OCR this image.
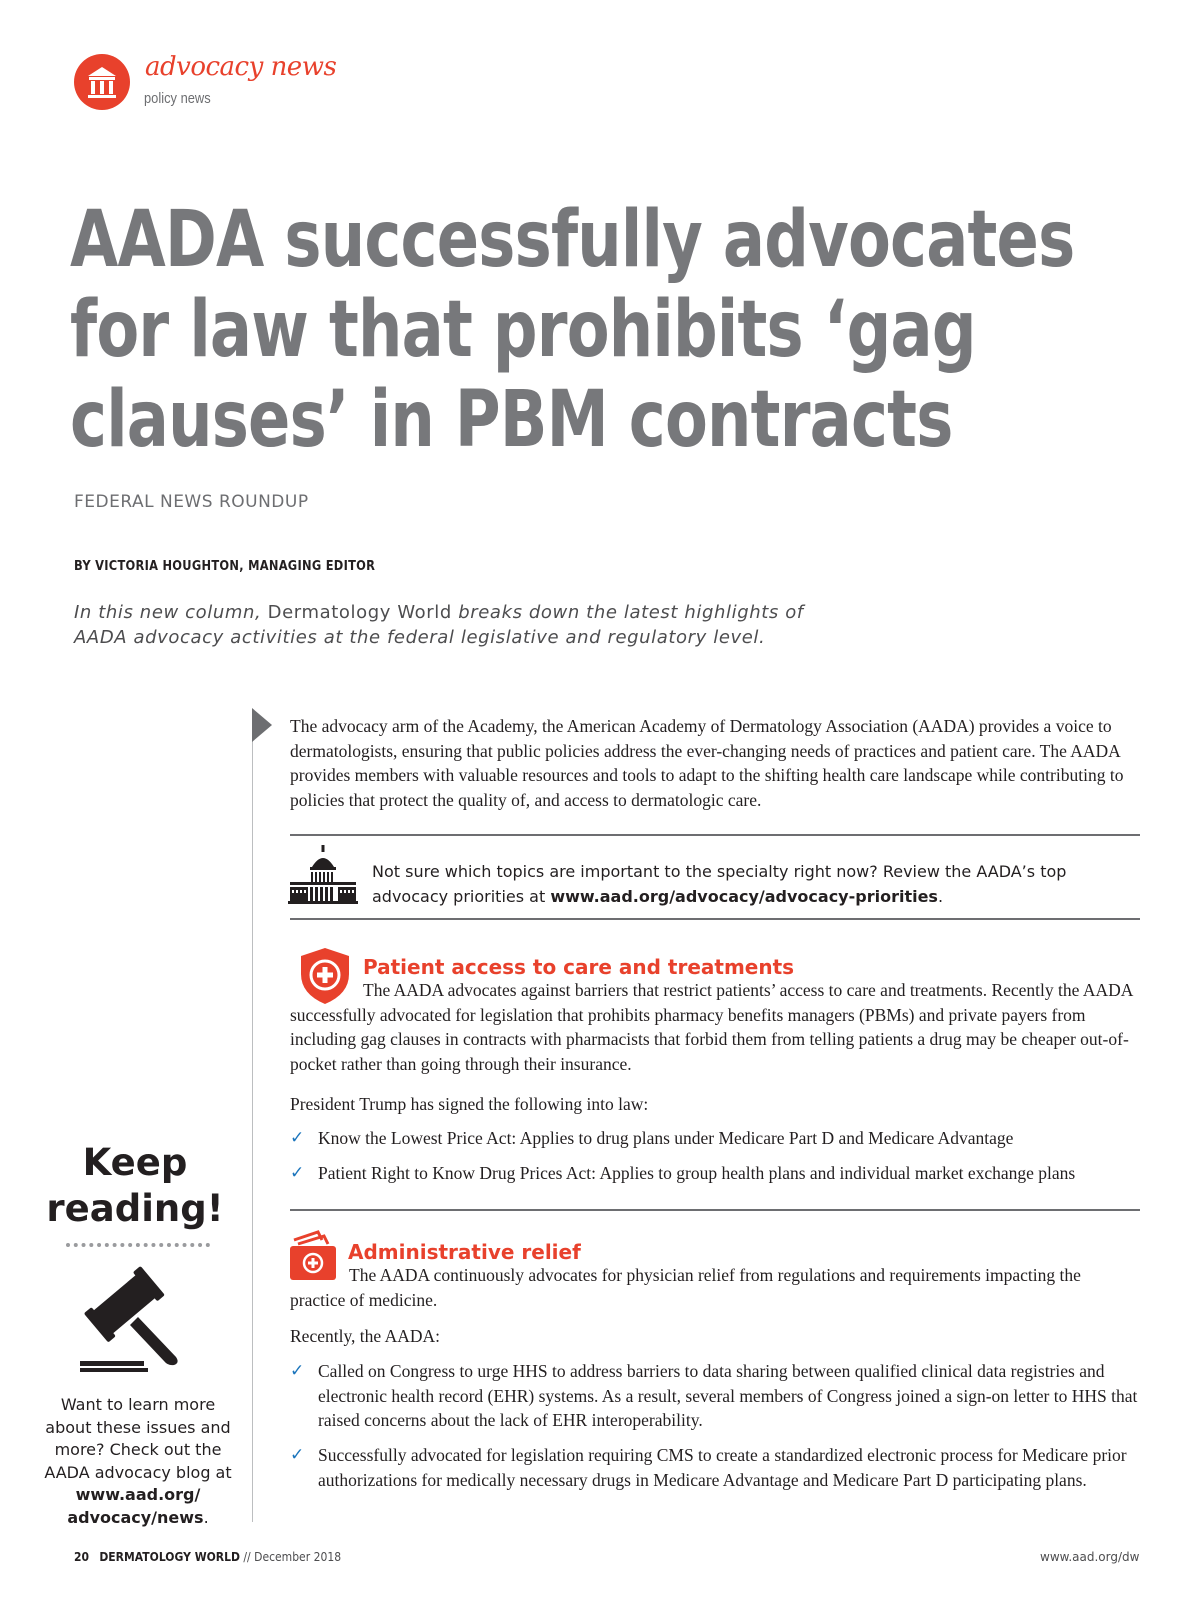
advocacy news
policy news
AADA successfully advocates
for law that prohibits ‘gag
clauses’ in PBM contracts
FEDERAL NEWS ROUNDUP
BY VICTORIA HOUGHTON, MANAGING EDITOR
In this new column, Dermatology World breaks down the latest highlights of AADA advocacy activities at the federal legislative and regulatory level.
Keep
reading!
Want to learn more about these issues and more? Check out the AADA advocacy blog at www.aad.org/ advocacy/news.
The advocacy arm of the Academy, the American Academy of Dermatology Association (AADA) provides a voice to dermatologists, ensuring that public policies address the ever-changing needs of practices and patient care. The AADA provides members with valuable resources and tools to adapt to the shifting health care landscape while contributing to policies that protect the quality of, and access to dermatologic care.
Not sure which topics are important to the specialty right now? Review the AADA’s top advocacy priorities at www.aad.org/advocacy/advocacy-priorities.
Patient access to care and treatments
The AADA advocates against barriers that restrict patients’ access to care and treatments. Recently the AADA successfully advocated for legislation that prohibits pharmacy benefits managers (PBMs) and private payers from including gag clauses in contracts with pharmacists that forbid them from telling patients a drug may be cheaper out-of-pocket rather than going through their insurance.
President Trump has signed the following into law:
✓ Know the Lowest Price Act: Applies to drug plans under Medicare Part D and Medicare Advantage
✓ Patient Right to Know Drug Prices Act: Applies to group health plans and individual market exchange plans
Administrative relief
The AADA continuously advocates for physician relief from regulations and requirements impacting the practice of medicine.
Recently, the AADA:
✓ Called on Congress to urge HHS to address barriers to data sharing between qualified clinical data registries and electronic health record (EHR) systems. As a result, several members of Congress joined a sign-on letter to HHS that raised concerns about the lack of EHR interoperability.
✓ Successfully advocated for legislation requiring CMS to create a standardized electronic process for Medicare prior authorizations for medically necessary drugs in Medicare Advantage and Medicare Part D participating plans.
20 DERMATOLOGY WORLD // December 2018	www.aad.org/dw
